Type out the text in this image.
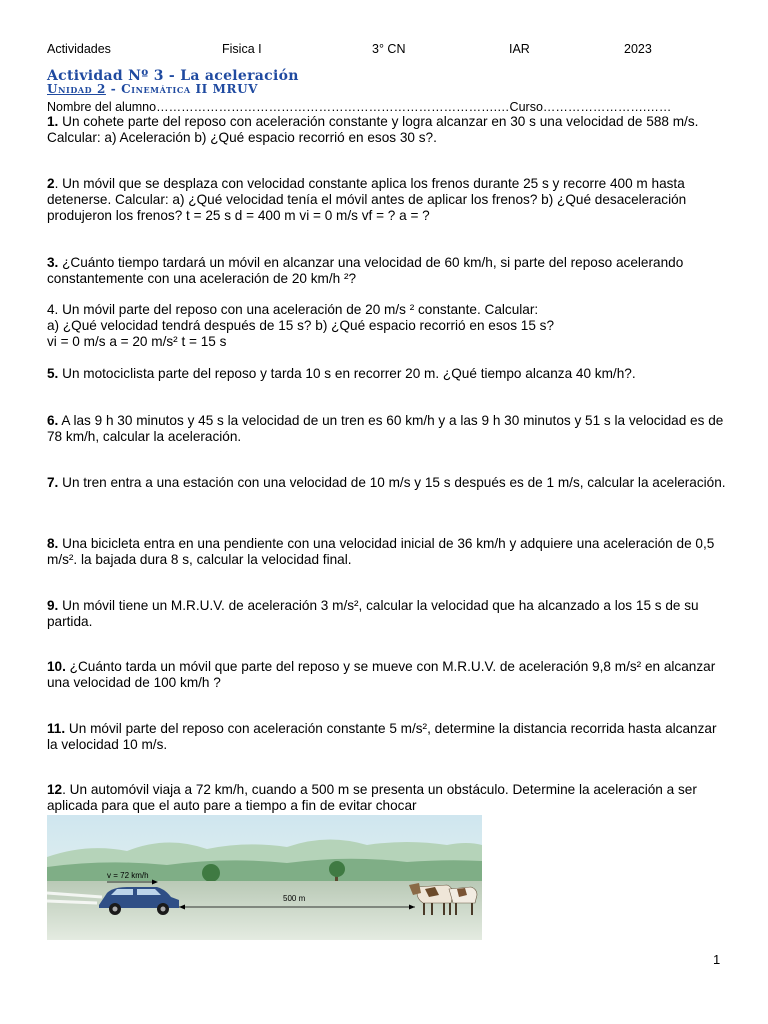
Actividades	Fisica I	3° CN	IAR	2023
Actividad Nº 3 - La aceleración
Unidad 2 - Cinemática II MRUV
Nombre del alumno……………………………………………………………………….…Curso…………………….……
1. Un cohete parte del reposo con aceleración constante y logra alcanzar en 30 s una velocidad de 588 m/s. Calcular: a) Aceleración b) ¿Qué espacio recorrió en esos 30 s?.
2. Un móvil que se desplaza con velocidad constante aplica los frenos durante 25 s y recorre 400 m hasta detenerse. Calcular: a) ¿Qué velocidad tenía el móvil antes de aplicar los frenos? b) ¿Qué desaceleración produjeron los frenos? t = 25 s d = 400 m vi = 0 m/s vf = ? a = ?
3. ¿Cuánto tiempo tardará un móvil en alcanzar una velocidad de 60 km/h, si parte del reposo acelerando constantemente con una aceleración de 20 km/h ²?
4. Un móvil parte del reposo con una aceleración de 20 m/s ² constante. Calcular:
a) ¿Qué velocidad tendrá después de 15 s? b) ¿Qué espacio recorrió en esos 15 s?
vi = 0 m/s a = 20 m/s² t = 15 s
5. Un motociclista parte del reposo y tarda 10 s en recorrer 20 m. ¿Qué tiempo alcanza 40 km/h?.
6. A las 9 h 30 minutos y 45 s la velocidad de un tren es 60 km/h y a las 9 h 30 minutos y 51 s la velocidad es de 78 km/h, calcular la aceleración.
7. Un tren entra a una estación con una velocidad de 10 m/s y 15 s después es de 1 m/s, calcular la aceleración.
8. Una bicicleta entra en una pendiente con una velocidad inicial de 36 km/h y adquiere una aceleración de 0,5 m/s². la bajada dura 8 s, calcular la velocidad final.
9. Un móvil tiene un M.R.U.V. de aceleración 3 m/s², calcular la velocidad que ha alcanzado a los 15 s de su partida.
10. ¿Cuánto tarda un móvil que parte del reposo y se mueve con M.R.U.V. de aceleración 9,8 m/s² en alcanzar una velocidad de 100 km/h ?
11. Un móvil parte del reposo con aceleración constante 5 m/s², determine la distancia recorrida hasta alcanzar la velocidad 10 m/s.
12. Un automóvil viaja a 72 km/h, cuando a 500 m se presenta un obstáculo. Determine la aceleración a ser aplicada para que el auto pare a tiempo a fin de evitar chocar
v = 72 km/h
500 m
1
